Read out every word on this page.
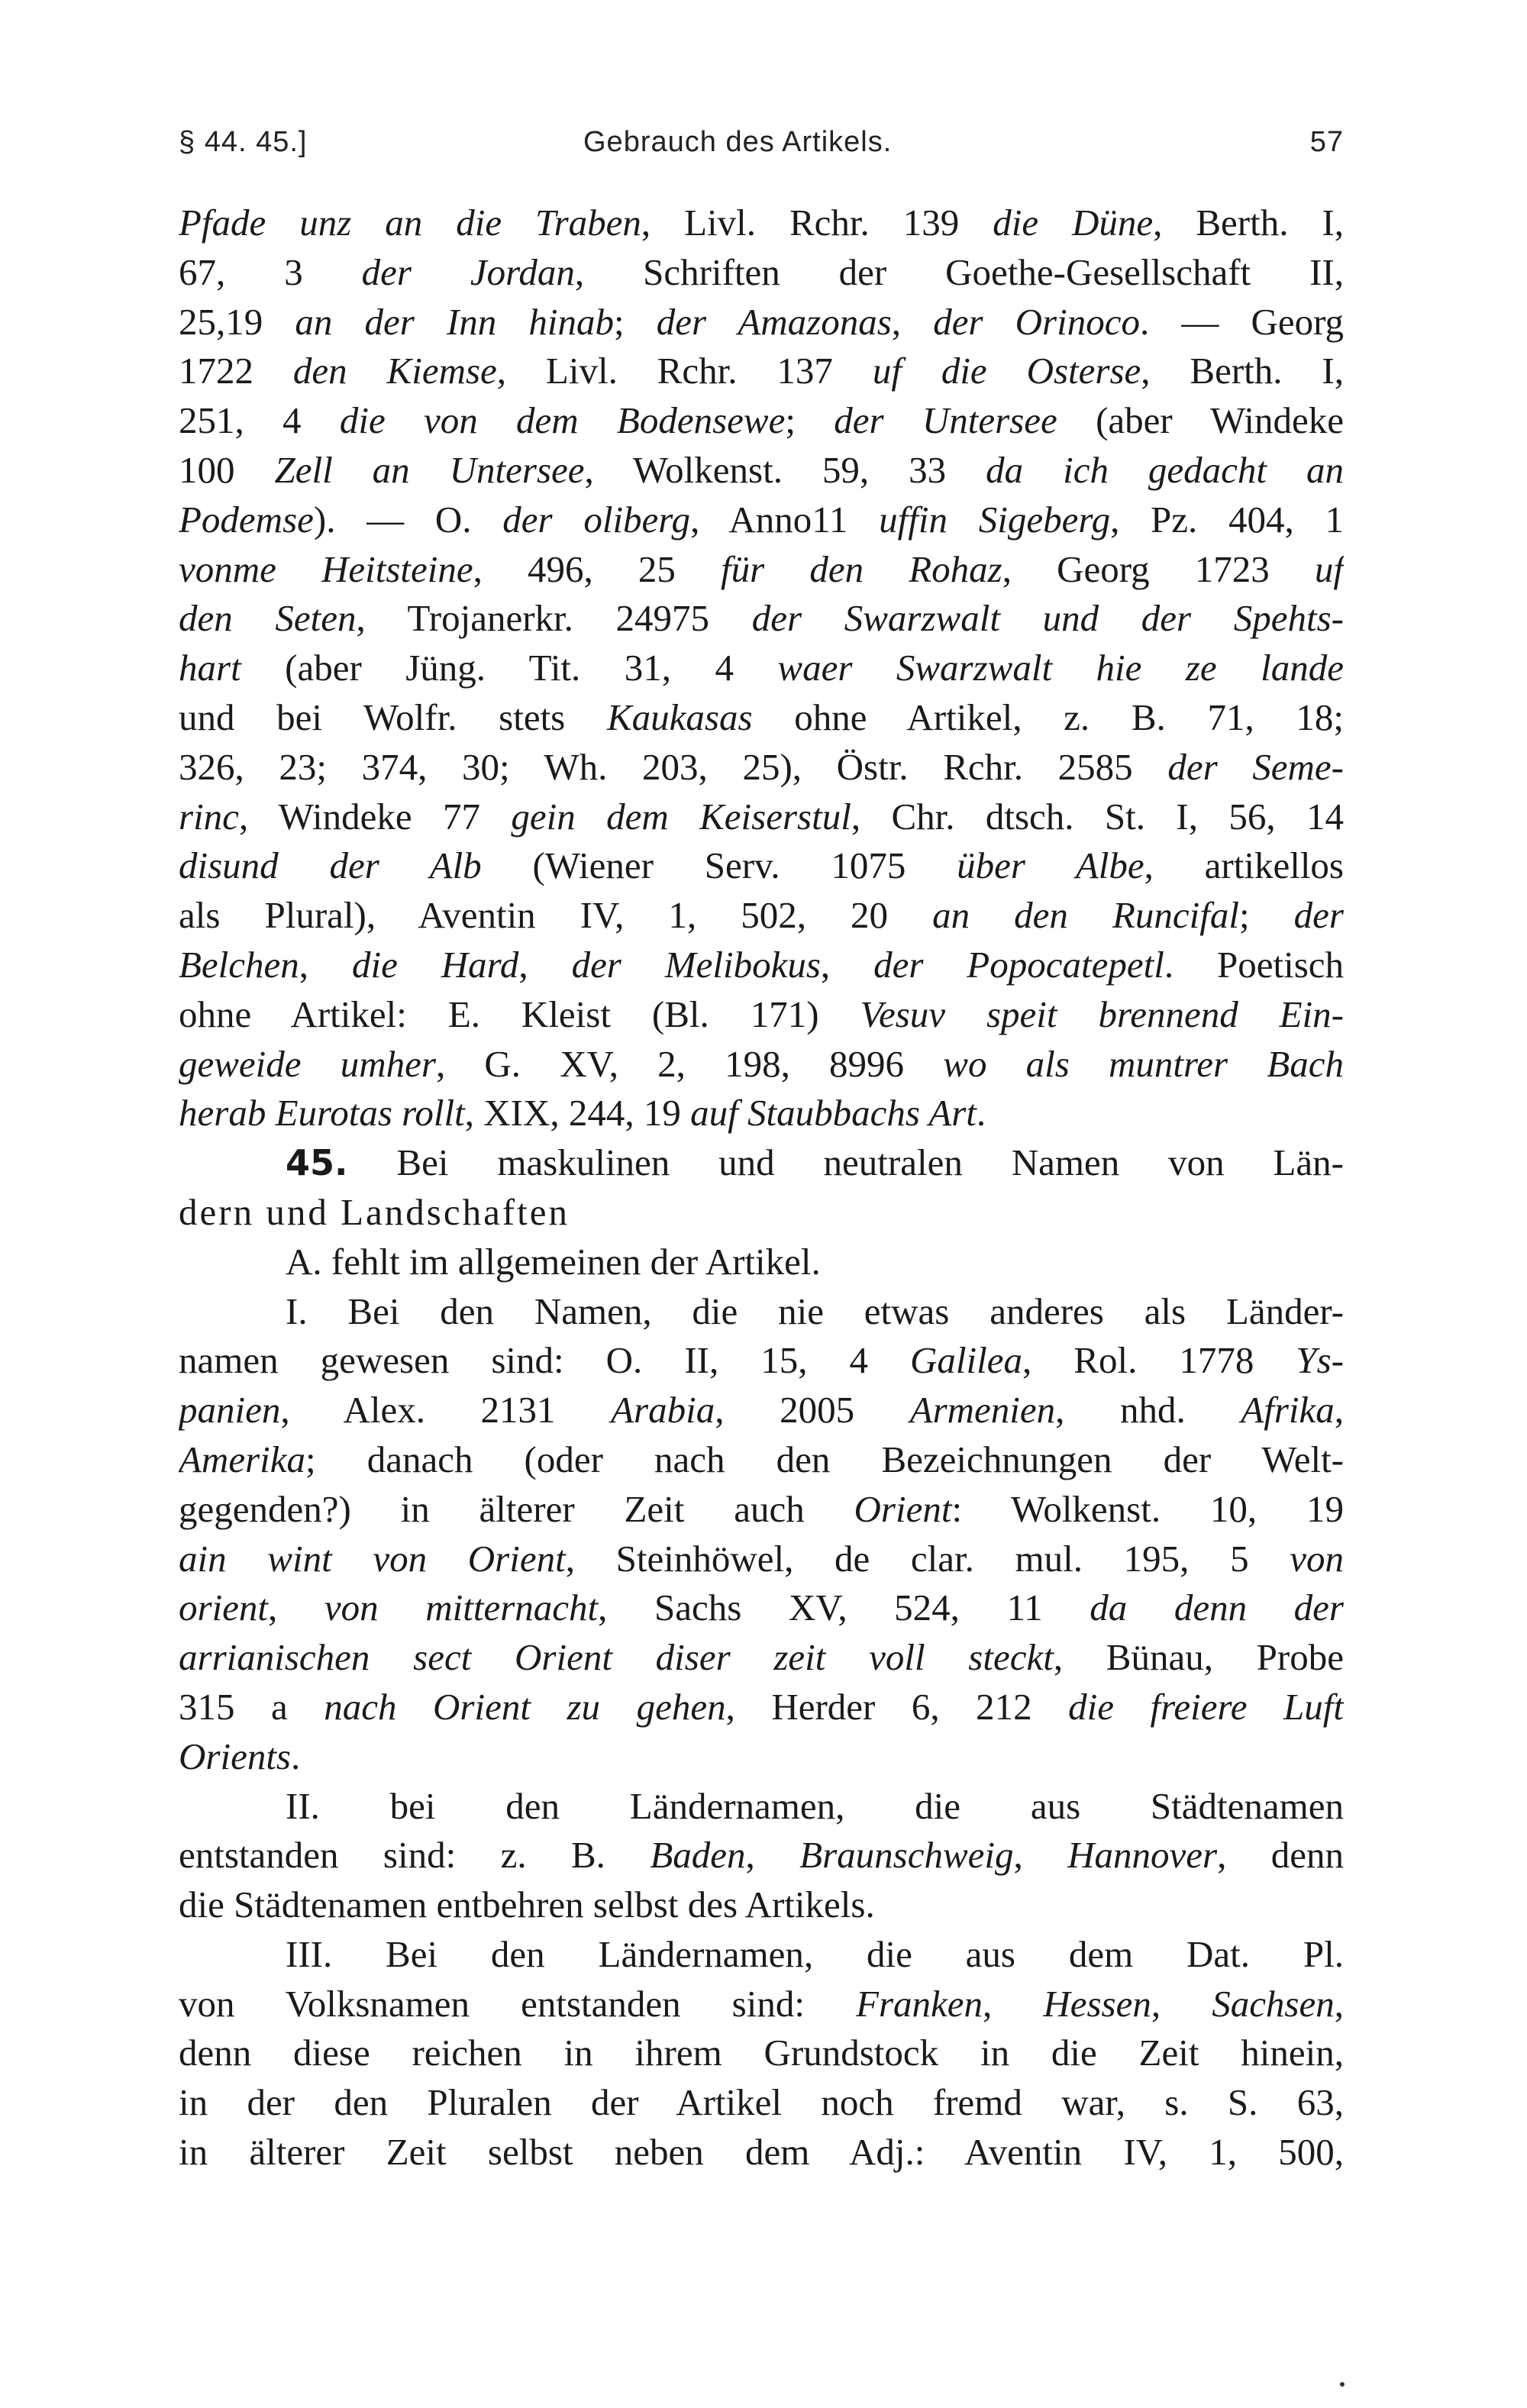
§ 44. 45.]	Gebrauch des Artikels.	57
Pfade unz an die Traben, Livl. Rchr. 139 die Düne, Berth. I,
67, 3 der Jordan, Schriften der Goethe-Gesellschaft II,
25,19 an der Inn hinab; der Amazonas, der Orinoco. — Georg
1722 den Kiemse, Livl. Rchr. 137 uf die Osterse, Berth. I,
251, 4 die von dem Bodensewe; der Untersee (aber Windeke
100 Zell an Untersee, Wolkenst. 59, 33 da ich gedacht an
Podemse). — O. der oliberg, Anno11 uffin Sigeberg, Pz. 404, 1
vonme Heitsteine, 496, 25 für den Rohaz, Georg 1723 uf
den Seten, Trojanerkr. 24975 der Swarzwalt und der Spehts-
hart (aber Jüng. Tit. 31, 4 waer Swarzwalt hie ze lande
und bei Wolfr. stets Kaukasas ohne Artikel, z. B. 71, 18;
326, 23; 374, 30; Wh. 203, 25), Östr. Rchr. 2585 der Seme-
rinc, Windeke 77 gein dem Keiserstul, Chr. dtsch. St. I, 56, 14
disund der Alb (Wiener Serv. 1075 über Albe, artikellos
als Plural), Aventin IV, 1, 502, 20 an den Runcifal; der
Belchen, die Hard, der Melibokus, der Popocatepetl. Poetisch
ohne Artikel: E. Kleist (Bl. 171) Vesuv speit brennend Ein-
geweide umher, G. XV, 2, 198, 8996 wo als muntrer Bach
herab Eurotas rollt, XIX, 244, 19 auf Staubbachs Art.
45. Bei maskulinen und neutralen Namen von Län-
dern und Landschaften
A. fehlt im allgemeinen der Artikel.
I. Bei den Namen, die nie etwas anderes als Länder-
namen gewesen sind: O. II, 15, 4 Galilea, Rol. 1778 Ys-
panien, Alex. 2131 Arabia, 2005 Armenien, nhd. Afrika,
Amerika; danach (oder nach den Bezeichnungen der Welt-
gegenden?) in älterer Zeit auch Orient: Wolkenst. 10, 19
ain wint von Orient, Steinhöwel, de clar. mul. 195, 5 von
orient, von mitternacht, Sachs XV, 524, 11 da denn der
arrianischen sect Orient diser zeit voll steckt, Bünau, Probe
315 a nach Orient zu gehen, Herder 6, 212 die freiere Luft
Orients.
II. bei den Ländernamen, die aus Städtenamen
entstanden sind: z. B. Baden, Braunschweig, Hannover, denn
die Städtenamen entbehren selbst des Artikels.
III. Bei den Ländernamen, die aus dem Dat. Pl.
von Volksnamen entstanden sind: Franken, Hessen, Sachsen,
denn diese reichen in ihrem Grundstock in die Zeit hinein,
in der den Pluralen der Artikel noch fremd war, s. S. 63,
in älterer Zeit selbst neben dem Adj.: Aventin IV, 1, 500,
